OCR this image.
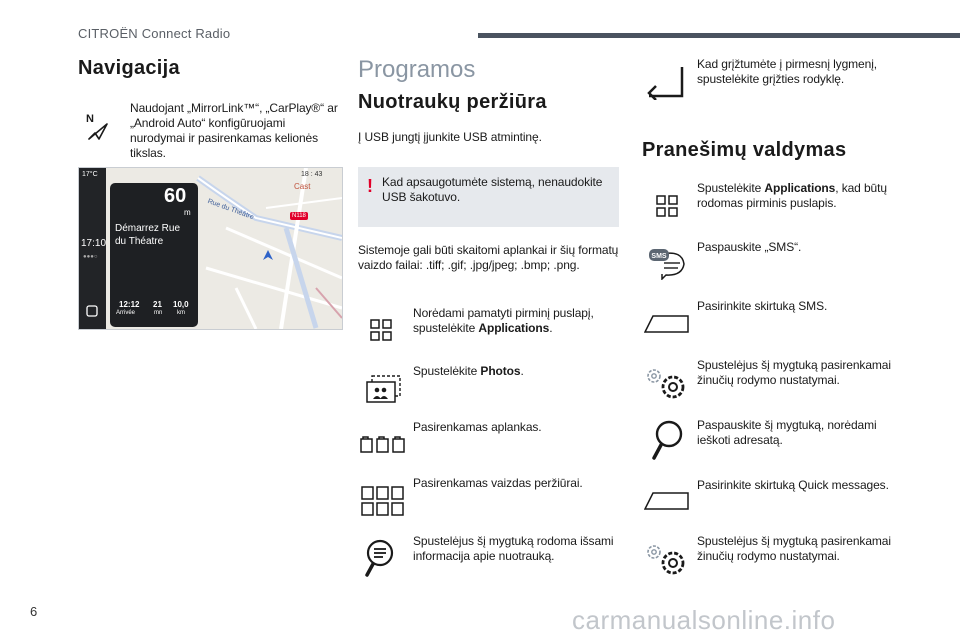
CITROËN Connect Radio
Navigacija
N
Naudojant „MirrorLink™“, „CarPlay®“ ar „Android Auto“ konfigūruojami nurodymai ir pasirenkamas kelionės tikslas.
17°C
17:10
●●●○
18 : 43
Cast
Rue du Théâtre	N118
60
m
Démarrez Rue
du Théatre
12:12
Arrivée
21
mn
10,0
km
Programos
Nuotraukų peržiūra
Į USB jungtį įjunkite USB atmintinę.
! Kad apsaugotumėte sistemą, nenaudokite USB šakotuvo.
Sistemoje gali būti skaitomi aplankai ir šių formatų vaizdo failai: .tiff; .gif; .jpg/jpeg; .bmp; .png.
Norėdami pamatyti pirminį puslapį, spustelėkite Applications.
Spustelėkite Photos.
Pasirenkamas aplankas.
Pasirenkamas vaizdas peržiūrai.
Spustelėjus šį mygtuką rodoma išsami informacija apie nuotrauką.
Kad grįžtumėte į pirmesnį lygmenį, spustelėkite grįžties rodyklę.
Pranešimų valdymas
Spustelėkite Applications, kad būtų rodomas pirminis puslapis.
SMS
Paspauskite „SMS“.
Pasirinkite skirtuką SMS.
Spustelėjus šį mygtuką pasirenkamai žinučių rodymo nustatymai.
Paspauskite šį mygtuką, norėdami ieškoti adresatą.
Pasirinkite skirtuką Quick messages.
Spustelėjus šį mygtuką pasirenkamai žinučių rodymo nustatymai.
6	carmanualsonline.info
